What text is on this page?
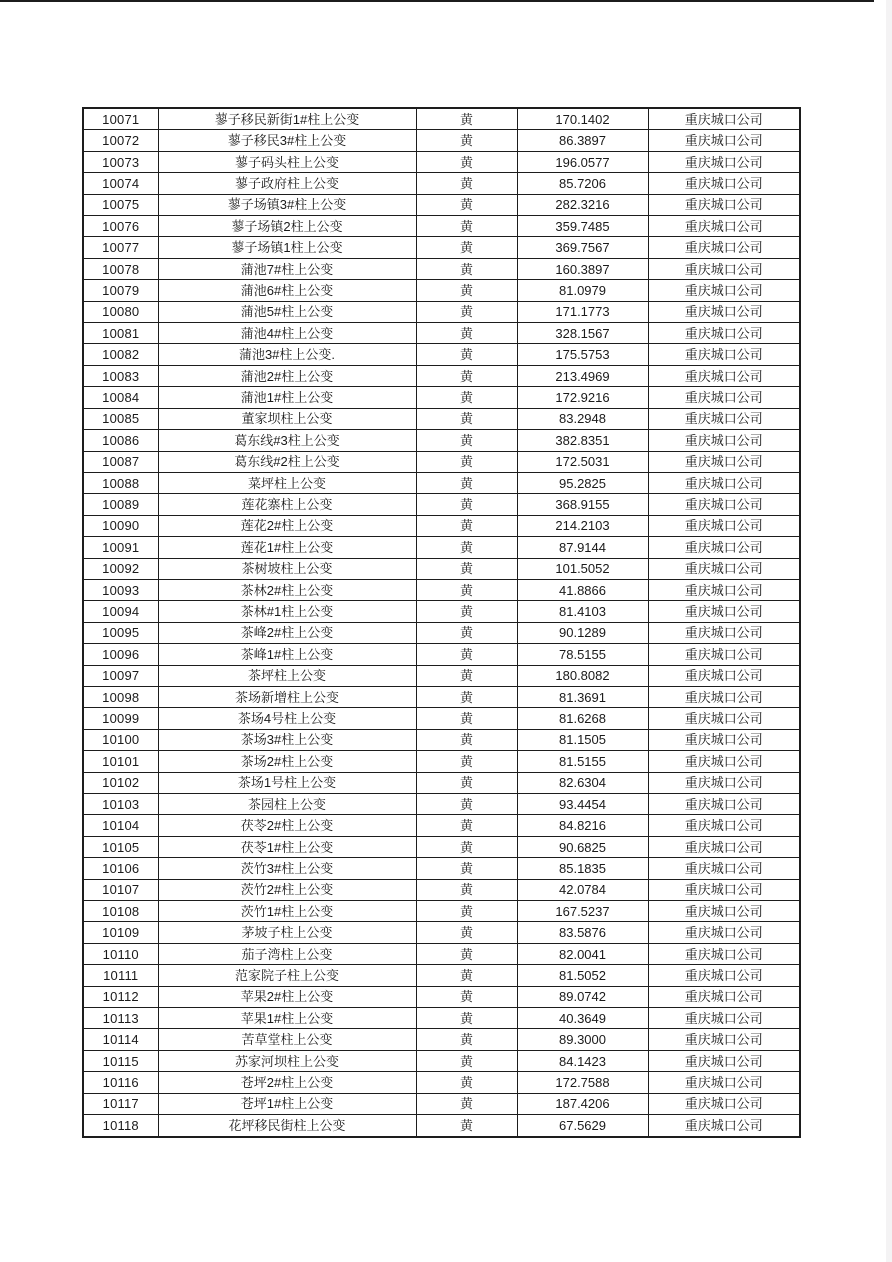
10071	蓼子移民新街1#柱上公变	黄	170.1402	重庆城口公司
10072	蓼子移民3#柱上公变	黄	86.3897	重庆城口公司
10073	蓼子码头柱上公变	黄	196.0577	重庆城口公司
10074	蓼子政府柱上公变	黄	85.7206	重庆城口公司
10075	蓼子场镇3#柱上公变	黄	282.3216	重庆城口公司
10076	蓼子场镇2柱上公变	黄	359.7485	重庆城口公司
10077	蓼子场镇1柱上公变	黄	369.7567	重庆城口公司
10078	蒲池7#柱上公变	黄	160.3897	重庆城口公司
10079	蒲池6#柱上公变	黄	81.0979	重庆城口公司
10080	蒲池5#柱上公变	黄	171.1773	重庆城口公司
10081	蒲池4#柱上公变	黄	328.1567	重庆城口公司
10082	蒲池3#柱上公变.	黄	175.5753	重庆城口公司
10083	蒲池2#柱上公变	黄	213.4969	重庆城口公司
10084	蒲池1#柱上公变	黄	172.9216	重庆城口公司
10085	董家坝柱上公变	黄	83.2948	重庆城口公司
10086	葛东线#3柱上公变	黄	382.8351	重庆城口公司
10087	葛东线#2柱上公变	黄	172.5031	重庆城口公司
10088	菜坪柱上公变	黄	95.2825	重庆城口公司
10089	莲花寨柱上公变	黄	368.9155	重庆城口公司
10090	莲花2#柱上公变	黄	214.2103	重庆城口公司
10091	莲花1#柱上公变	黄	87.9144	重庆城口公司
10092	茶树坡柱上公变	黄	101.5052	重庆城口公司
10093	茶林2#柱上公变	黄	41.8866	重庆城口公司
10094	茶林#1柱上公变	黄	81.4103	重庆城口公司
10095	茶峰2#柱上公变	黄	90.1289	重庆城口公司
10096	茶峰1#柱上公变	黄	78.5155	重庆城口公司
10097	茶坪柱上公变	黄	180.8082	重庆城口公司
10098	茶场新增柱上公变	黄	81.3691	重庆城口公司
10099	茶场4号柱上公变	黄	81.6268	重庆城口公司
10100	茶场3#柱上公变	黄	81.1505	重庆城口公司
10101	茶场2#柱上公变	黄	81.5155	重庆城口公司
10102	茶场1号柱上公变	黄	82.6304	重庆城口公司
10103	茶园柱上公变	黄	93.4454	重庆城口公司
10104	茯苓2#柱上公变	黄	84.8216	重庆城口公司
10105	茯苓1#柱上公变	黄	90.6825	重庆城口公司
10106	茨竹3#柱上公变	黄	85.1835	重庆城口公司
10107	茨竹2#柱上公变	黄	42.0784	重庆城口公司
10108	茨竹1#柱上公变	黄	167.5237	重庆城口公司
10109	茅坡子柱上公变	黄	83.5876	重庆城口公司
10110	茄子湾柱上公变	黄	82.0041	重庆城口公司
10111	范家院子柱上公变	黄	81.5052	重庆城口公司
10112	苹果2#柱上公变	黄	89.0742	重庆城口公司
10113	苹果1#柱上公变	黄	40.3649	重庆城口公司
10114	苦草堂柱上公变	黄	89.3000	重庆城口公司
10115	苏家河坝柱上公变	黄	84.1423	重庆城口公司
10116	苍坪2#柱上公变	黄	172.7588	重庆城口公司
10117	苍坪1#柱上公变	黄	187.4206	重庆城口公司
10118	花坪移民街柱上公变	黄	67.5629	重庆城口公司
